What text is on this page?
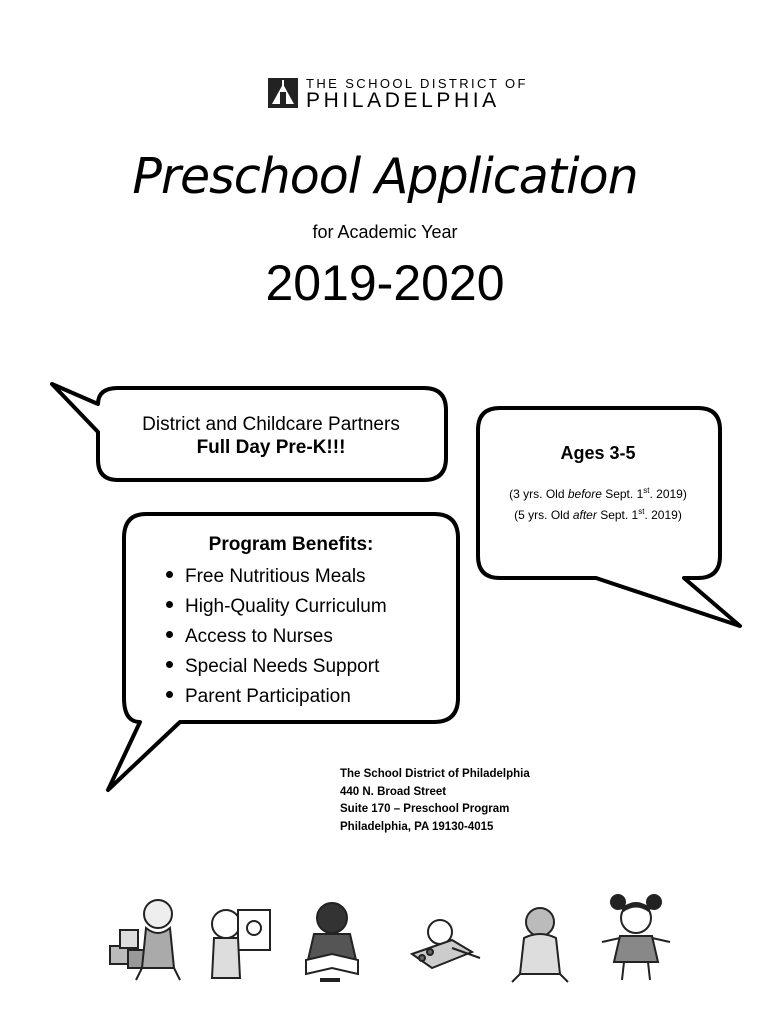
THE SCHOOL DISTRICT OF
PHILADELPHIA
Preschool Application
for Academic Year
2019-2020
District and Childcare Partners
Full Day Pre-K!!!	Ages 3-5
(3 yrs. Old before Sept. 1st. 2019)
(5 yrs. Old after Sept. 1st. 2019)
Program Benefits:
Free Nutritious Meals
High-Quality Curriculum
Access to Nurses
Special Needs Support
Parent Participation
The School District of Philadelphia
440 N. Broad Street
Suite 170 – Preschool Program
Philadelphia, PA 19130-4015
